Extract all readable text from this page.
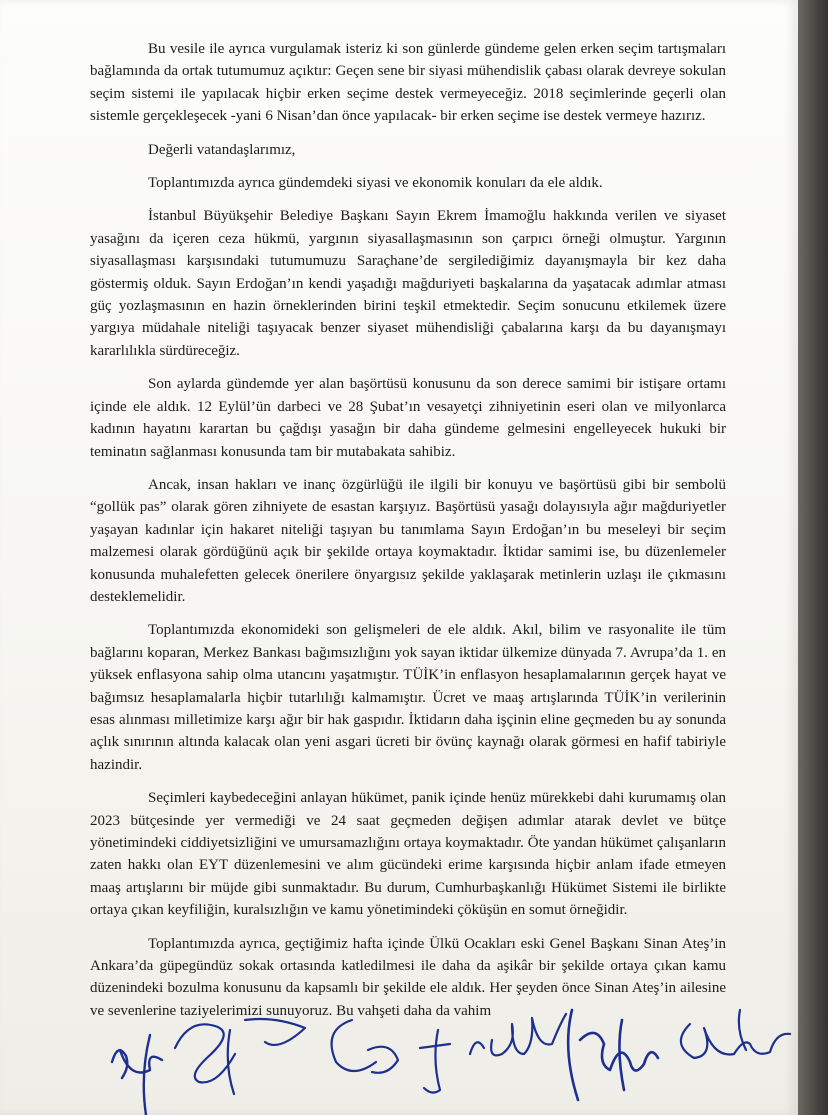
Bu vesile ile ayrıca vurgulamak isteriz ki son günlerde gündeme gelen erken seçim tartışmaları bağlamında da ortak tutumumuz açıktır: Geçen sene bir siyasi mühendislik çabası olarak devreye sokulan seçim sistemi ile yapılacak hiçbir erken seçime destek vermeyeceğiz. 2018 seçimlerinde geçerli olan sistemle gerçekleşecek -yani 6 Nisan’dan önce yapılacak- bir erken seçime ise destek vermeye hazırız.

Değerli vatandaşlarımız,

Toplantımızda ayrıca gündemdeki siyasi ve ekonomik konuları da ele aldık.

İstanbul Büyükşehir Belediye Başkanı Sayın Ekrem İmamoğlu hakkında verilen ve siyaset yasağını da içeren ceza hükmü, yargının siyasallaşmasının son çarpıcı örneği olmuştur. Yargının siyasallaşması karşısındaki tutumumuzu Saraçhane’de sergilediğimiz dayanışmayla bir kez daha göstermiş olduk. Sayın Erdoğan’ın kendi yaşadığı mağduriyeti başkalarına da yaşatacak adımlar atması güç yozlaşmasının en hazin örneklerinden birini teşkil etmektedir. Seçim sonucunu etkilemek üzere yargıya müdahale niteliği taşıyacak benzer siyaset mühendisliği çabalarına karşı da bu dayanışmayı kararlılıkla sürdüreceğiz.

Son aylarda gündemde yer alan başörtüsü konusunu da son derece samimi bir istişare ortamı içinde ele aldık. 12 Eylül’ün darbeci ve 28 Şubat’ın vesayetçi zihniyetinin eseri olan ve milyonlarca kadının hayatını karartan bu çağdışı yasağın bir daha gündeme gelmesini engelleyecek hukuki bir teminatın sağlanması konusunda tam bir mutabakata sahibiz.

Ancak, insan hakları ve inanç özgürlüğü ile ilgili bir konuyu ve başörtüsü gibi bir sembolü “gollük pas” olarak gören zihniyete de esastan karşıyız. Başörtüsü yasağı dolayısıyla ağır mağduriyetler yaşayan kadınlar için hakaret niteliği taşıyan bu tanımlama Sayın Erdoğan’ın bu meseleyi bir seçim malzemesi olarak gördüğünü açık bir şekilde ortaya koymaktadır. İktidar samimi ise, bu düzenlemeler konusunda muhalefetten gelecek önerilere önyargısız şekilde yaklaşarak metinlerin uzlaşı ile çıkmasını desteklemelidir.

Toplantımızda ekonomideki son gelişmeleri de ele aldık. Akıl, bilim ve rasyonalite ile tüm bağlarını koparan, Merkez Bankası bağımsızlığını yok sayan iktidar ülkemize dünyada 7. Avrupa’da 1. en yüksek enflasyona sahip olma utancını yaşatmıştır. TÜİK’in enflasyon hesaplamalarının gerçek hayat ve bağımsız hesaplamalarla hiçbir tutarlılığı kalmamıştır. Ücret ve maaş artışlarında TÜİK’in verilerinin esas alınması milletimize karşı ağır bir hak gaspıdır. İktidarın daha işçinin eline geçmeden bu ay sonunda açlık sınırının altında kalacak olan yeni asgari ücreti bir övünç kaynağı olarak görmesi en hafif tabiriyle hazindir.

Seçimleri kaybedeceğini anlayan hükümet, panik içinde henüz mürekkebi dahi kurumamış olan 2023 bütçesinde yer vermediği ve 24 saat geçmeden değişen adımlar atarak devlet ve bütçe yönetimindeki ciddiyetsizliğini ve umursamazlığını ortaya koymaktadır. Öte yandan hükümet çalışanların zaten hakkı olan EYT düzenlemesini ve alım gücündeki erime karşısında hiçbir anlam ifade etmeyen maaş artışlarını bir müjde gibi sunmaktadır. Bu durum, Cumhurbaşkanlığı Hükümet Sistemi ile birlikte ortaya çıkan keyfiliğin, kuralsızlığın ve kamu yönetimindeki çöküşün en somut örneğidir.

Toplantımızda ayrıca, geçtiğimiz hafta içinde Ülkü Ocakları eski Genel Başkanı Sinan Ateş’in Ankara’da güpegündüz sokak ortasında katledilmesi ile daha da aşikâr bir şekilde ortaya çıkan kamu düzenindeki bozulma konusunu da kapsamlı bir şekilde ele aldık. Her şeyden önce Sinan Ateş’in ailesine ve sevenlerine taziyelerimizi sunuyoruz. Bu vahşeti daha da vahim
